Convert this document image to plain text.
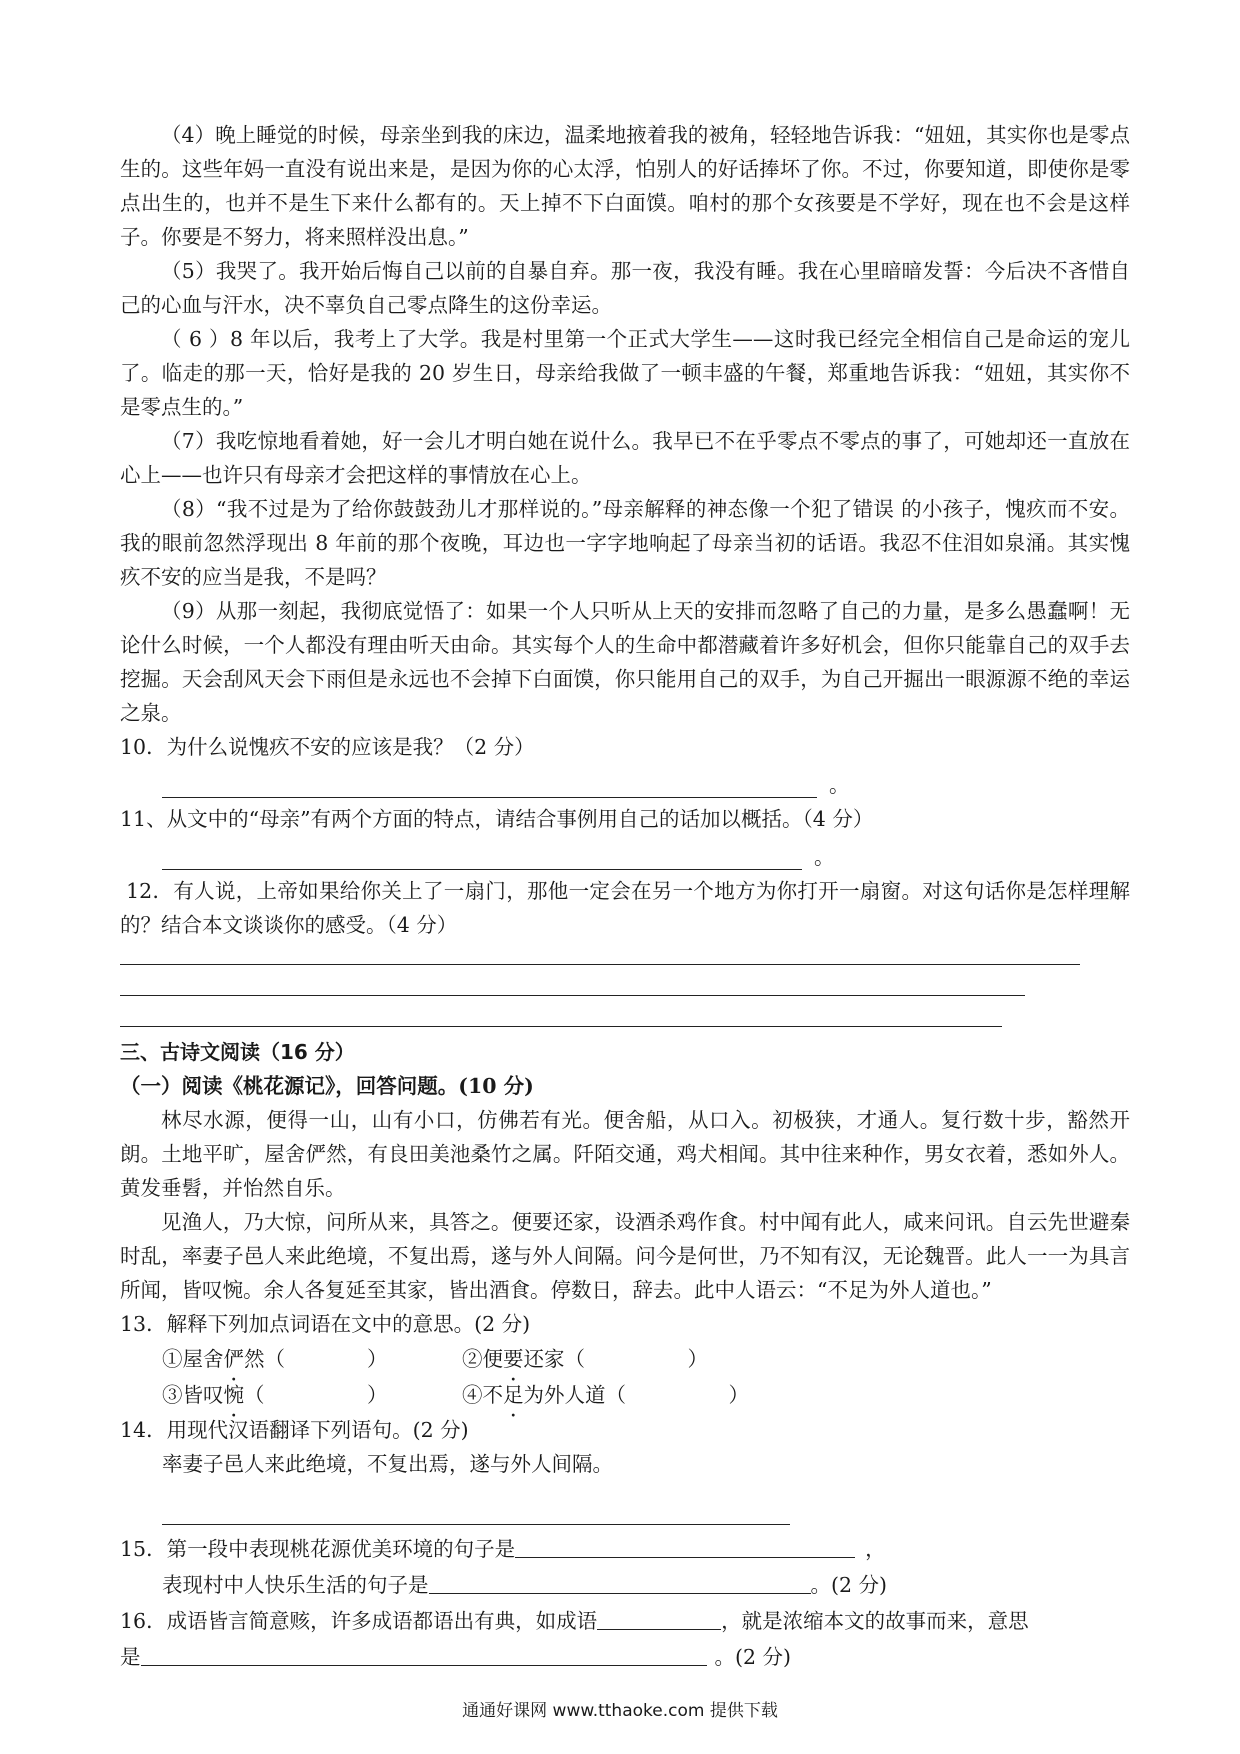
（4）晚上睡觉的时候，母亲坐到我的床边，温柔地掖着我的被角，轻轻地告诉我：“妞妞，其实你也是零点生的。这些年妈一直没有说出来是，是因为你的心太浮，怕别人的好话捧坏了你。不过，你要知道，即使你是零点出生的，也并不是生下来什么都有的。天上掉不下白面馍。咱村的那个女孩要是不学好，现在也不会是这样子。你要是不努力，将来照样没出息。”

（5）我哭了。我开始后悔自己以前的自暴自弃。那一夜，我没有睡。我在心里暗暗发誓：今后决不吝惜自己的心血与汗水，决不辜负自己零点降生的这份幸运。

（ 6 ）8 年以后，我考上了大学。我是村里第一个正式大学生——这时我已经完全相信自己是命运的宠儿了。临走的那一天，恰好是我的 20 岁生日，母亲给我做了一顿丰盛的午餐，郑重地告诉我：“妞妞，其实你不是零点生的。”

（7）我吃惊地看着她，好一会儿才明白她在说什么。我早已不在乎零点不零点的事了，可她却还一直放在心上——也许只有母亲才会把这样的事情放在心上。

（8）“我不过是为了给你鼓鼓劲儿才那样说的。”母亲解释的神态像一个犯了错误 的小孩子，愧疚而不安。我的眼前忽然浮现出 8 年前的那个夜晚，耳边也一字字地响起了母亲当初的话语。我忍不住泪如泉涌。其实愧疚不安的应当是我，不是吗？

（9）从那一刻起，我彻底觉悟了：如果一个人只听从上天的安排而忽略了自己的力量，是多么愚蠢啊！无论什么时候，一个人都没有理由听天由命。其实每个人的生命中都潜藏着许多好机会，但你只能靠自己的双手去挖掘。天会刮风天会下雨但是永远也不会掉下白面馍，你只能用自己的双手，为自己开掘出一眼源源不绝的幸运之泉。

10．为什么说愧疚不安的应该是我？（2 分）

。

11、从文中的“母亲”有两个方面的特点，请结合事例用自己的话加以概括。（4 分）

。

12．有人说，上帝如果给你关上了一扇门，那他一定会在另一个地方为你打开一扇窗。对这句话你是怎样理解的？结合本文谈谈你的感受。（4 分）

三、古诗文阅读（16 分）

（一）阅读《桃花源记》，回答问题。(10 分)

林尽水源，便得一山，山有小口，仿佛若有光。便舍船，从口入。初极狭，才通人。复行数十步，豁然开朗。土地平旷，屋舍俨然，有良田美池桑竹之属。阡陌交通，鸡犬相闻。其中往来种作，男女衣着，悉如外人。黄发垂髫，并怡然自乐。

见渔人，乃大惊，问所从来，具答之。便要还家，设酒杀鸡作食。村中闻有此人，咸来问讯。自云先世避秦时乱，率妻子邑人来此绝境，不复出焉，遂与外人间隔。问今是何世，乃不知有汉，无论魏晋。此人一一为具言所闻，皆叹惋。余人各复延至其家，皆出酒食。停数日，辞去。此中人语云：“不足为外人道也。”

13．解释下列加点词语在文中的意思。(2 分)

①屋舍俨然（　　　　）	②便要还家（　　　　　）
③皆叹惋（　　　　　）	④不足为外人道（　　　　　）

14．用现代汉语翻译下列语句。(2 分)

率妻子邑人来此绝境，不复出焉，遂与外人间隔。

15．第一段中表现桃花源优美环境的句子是	，
表现村中人快乐生活的句子是	。(2 分)
16．成语皆言简意赅，许多成语都语出有典，如成语	，就是浓缩本文的故事而来，意思
是	。(2 分)
通通好课网 www.tthaoke.com 提供下载
